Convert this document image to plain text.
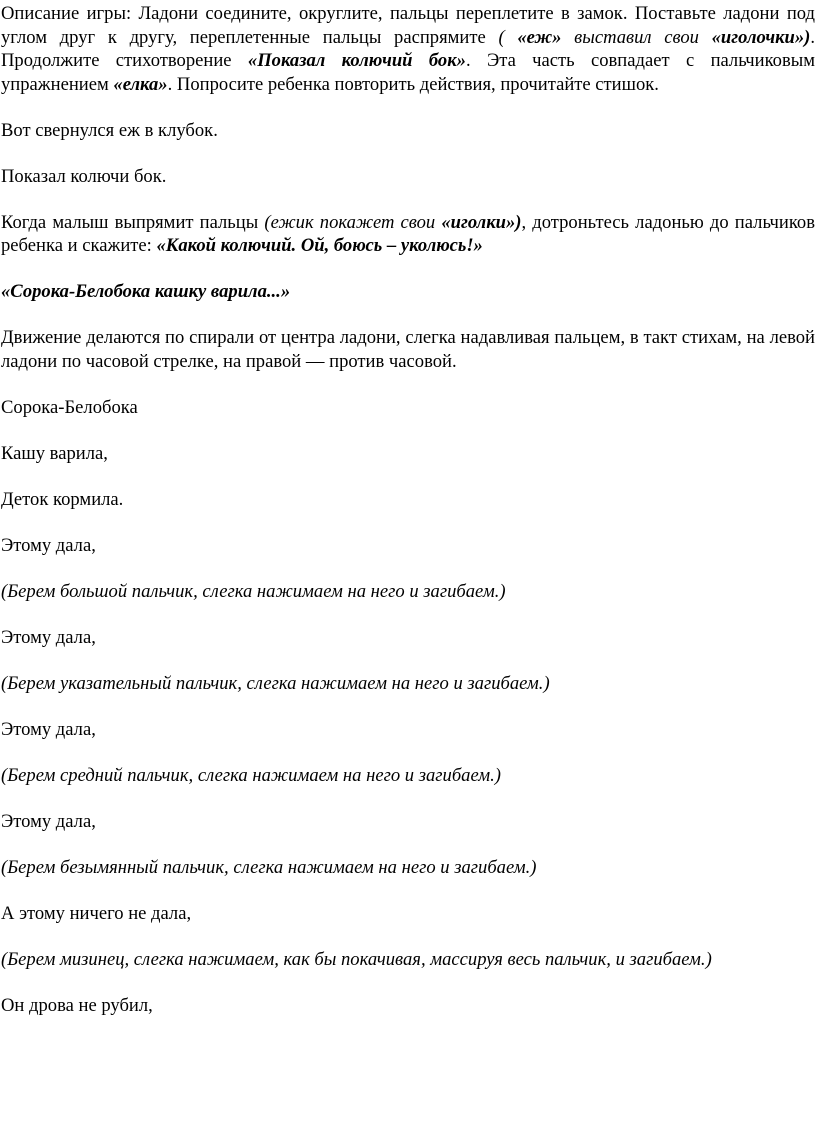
Описание игры: Ладони соедините, округлите, пальцы переплетите в замок. Поставьте ладони под углом друг к другу, переплетенные пальцы распрямите ( «еж» выставил свои «иголочки»). Продолжите стихотворение «Показал колючий бок». Эта часть совпадает с пальчиковым упражнением «елка». Попросите ребенка повторить действия, прочитайте стишок.

Вот свернулся еж в клубок.

Показал колючи бок.

Когда малыш выпрямит пальцы (ежик покажет свои «иголки»), дотроньтесь ладонью до пальчиков ребенка и скажите: «Какой колючий. Ой, боюсь – уколюсь!»

«Сорока-Белобока кашку варила...»

Движение делаются по спирали от центра ладони, слегка надавливая пальцем, в такт стихам, на левой ладони по часовой стрелке, на правой — против часовой.

Сорока-Белобока

Кашу варила,

Деток кормила.

Этому дала,

(Берем большой пальчик, слегка нажимаем на него и загибаем.)

Этому дала,

(Берем указательный пальчик, слегка нажимаем на него и загибаем.)

Этому дала,

(Берем средний пальчик, слегка нажимаем на него и загибаем.)

Этому дала,

(Берем безымянный пальчик, слегка нажимаем на него и загибаем.)

А этому ничего не дала,

(Берем мизинец, слегка нажимаем, как бы покачивая, массируя весь пальчик, и загибаем.)

Он дрова не рубил,
